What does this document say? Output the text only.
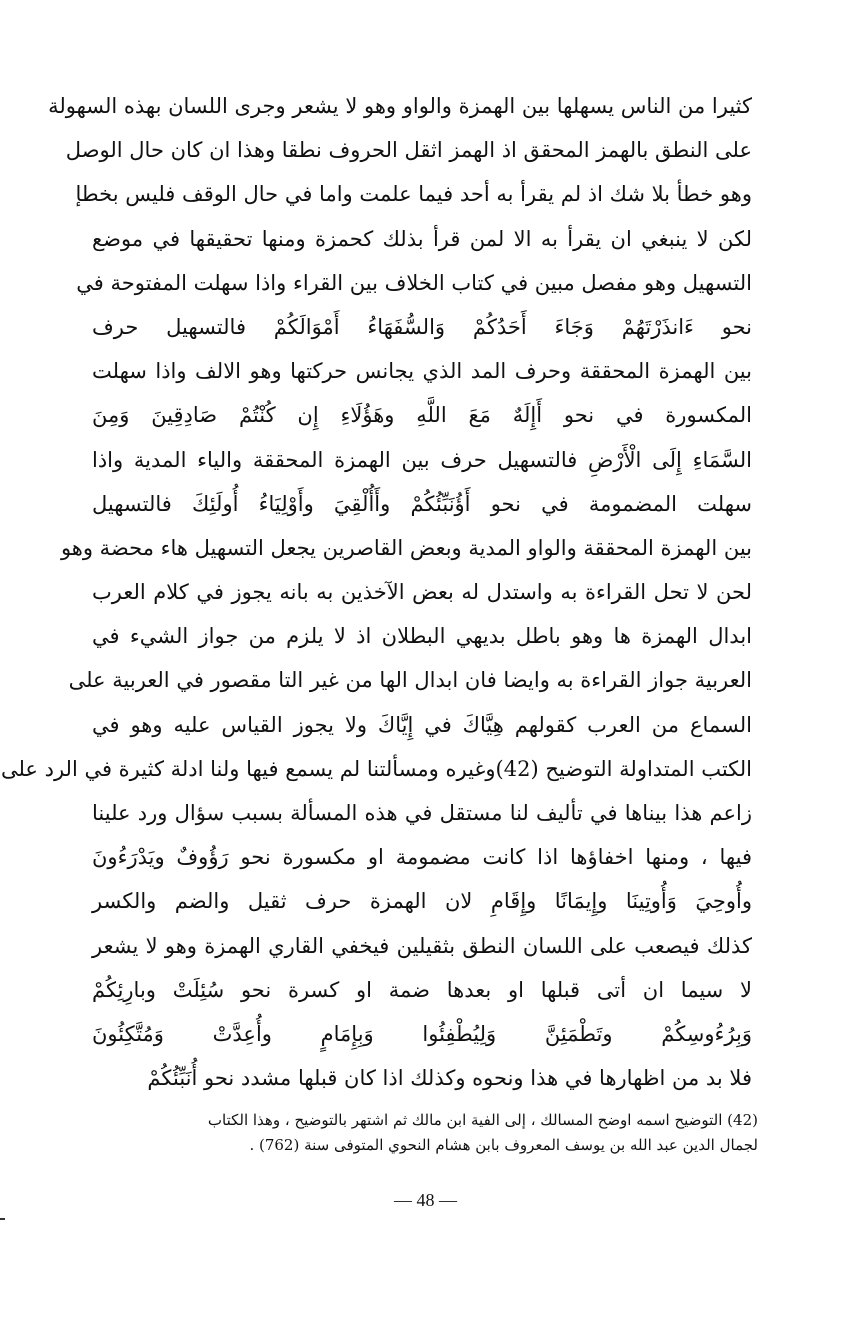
كثيرا من الناس يسهلها بين الهمزة والواو وهو لا يشعر وجرى اللسان بهذه السهولة
على النطق بالهمز المحقق اذ الهمز اثقل الحروف نطقا وهذا ان كان حال الوصل
وهو خطأ بلا شك اذ لم يقرأ به أحد فيما علمت واما في حال الوقف فليس بخطإ
لكن لا ينبغي ان يقرأ به الا لمن قرأ بذلك كحمزة ومنها تحقيقها في موضع
التسهيل وهو مفصل مبين في كتاب الخلاف بين القراء واذا سهلت المفتوحة في
نحو ءَانذَرْتَهُمْ وَجَاءَ أَحَدُكُمْ وَالسُّفَهَاءُ أَمْوَالَكُمْ فالتسهيل حرف
بين الهمزة المحققة وحرف المد الذي يجانس حركتها وهو الالف واذا سهلت
المكسورة في نحو أَإِلَهٌ مَعَ اللَّهِ وهَؤُلَاءِ إِن كُنْتُمْ صَادِقِينَ وَمِنَ
السَّمَاءِ إِلَى الْأَرْضِ فالتسهيل حرف بين الهمزة المحققة والياء المدية واذا
سهلت المضمومة في نحو أَؤُنَبِّئُكُمْ وأَأُلْقِيَ وأَوْلِيَاءُ أُولَئِكَ فالتسهيل
بين الهمزة المحققة والواو المدية وبعض القاصرين يجعل التسهيل هاء محضة وهو
لحن لا تحل القراءة به واستدل له بعض الآخذين به بانه يجوز في كلام العرب
ابدال الهمزة ها وهو باطل بديهي البطلان اذ لا يلزم من جواز الشيء في
العربية جواز القراءة به وايضا فان ابدال الها من غير التا مقصور في العربية على
السماع من العرب كقولهم هِيَّاكَ في إِيَّاكَ ولا يجوز القياس عليه وهو في
الكتب المتداولة التوضيح (42)وغيره ومسألتنا لم يسمع فيها ولنا ادلة كثيرة في الرد على
زاعم هذا بيناها في تأليف لنا مستقل في هذه المسألة بسبب سؤال ورد علينا
فيها ، ومنها اخفاؤها اذا كانت مضمومة او مكسورة نحو رَؤُوفٌ ويَدْرَءُونَ
وأُوحِيَ وَأُوتِينَا وإِيمَانًا وإِقَامِ لان الهمزة حرف ثقيل والضم والكسر
كذلك فيصعب على اللسان النطق بثقيلين فيخفي القاري الهمزة وهو لا يشعر
لا سيما ان أتى قبلها او بعدها ضمة او كسرة نحو سُئِلَتْ وبارِئِكُمْ
وَبِرُءُوسِكُمْ وتَطْمَئِنَّ وَلِيُطْفِئُوا وَبِإِمَامٍ وأُعِدَّتْ وَمُتَّكِئُونَ
فلا بد من اظهارها في هذا ونحوه وكذلك اذا كان قبلها مشدد نحو أُنَبِّئُكُمْ
(42) التوضيح اسمه اوضح المسالك ، إلى الفية ابن مالك ثم اشتهر بالتوضيح ، وهذا الكتاب
لجمال الدين عبد الله بن يوسف المعروف بابن هشام النحوي المتوفى سنة (762) .
— 48 —
